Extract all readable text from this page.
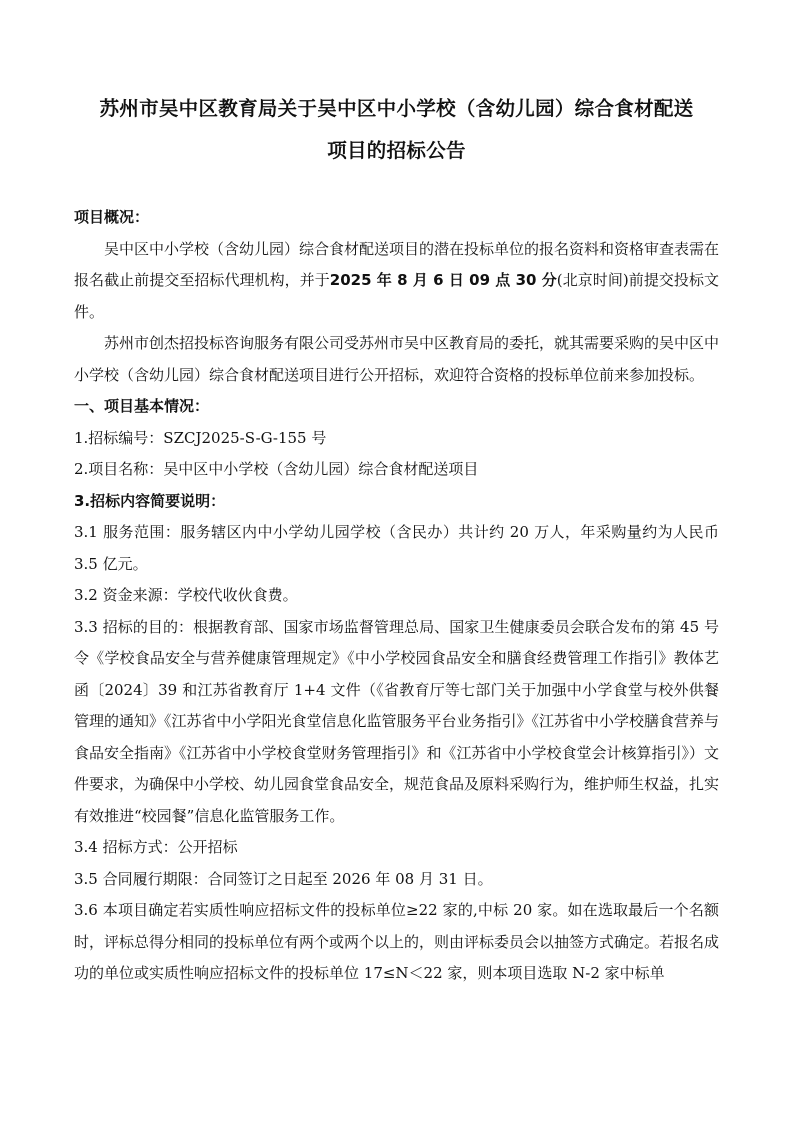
苏州市吴中区教育局关于吴中区中小学校（含幼儿园）综合食材配送
项目的招标公告

项目概况：

吴中区中小学校（含幼儿园）综合食材配送项目的潜在投标单位的报名资料和资格审查表需在报名截止前提交至招标代理机构，并于2025 年 8 月 6 日 09 点 30 分(北京时间)前提交投标文件。

苏州市创杰招投标咨询服务有限公司受苏州市吴中区教育局的委托，就其需要采购的吴中区中小学校（含幼儿园）综合食材配送项目进行公开招标，欢迎符合资格的投标单位前来参加投标。

一、项目基本情况：

1.招标编号：SZCJ2025-S-G-155 号

2.项目名称：吴中区中小学校（含幼儿园）综合食材配送项目

3.招标内容简要说明：

3.1 服务范围：服务辖区内中小学幼儿园学校（含民办）共计约 20 万人，年采购量约为人民币 3.5 亿元。

3.2 资金来源：学校代收伙食费。

3.3 招标的目的：根据教育部、国家市场监督管理总局、国家卫生健康委员会联合发布的第 45 号令《学校食品安全与营养健康管理规定》《中小学校园食品安全和膳食经费管理工作指引》教体艺函〔2024〕39 和江苏省教育厅 1+4 文件（《省教育厅等七部门关于加强中小学食堂与校外供餐管理的通知》《江苏省中小学阳光食堂信息化监管服务平台业务指引》《江苏省中小学校膳食营养与食品安全指南》《江苏省中小学校食堂财务管理指引》和《江苏省中小学校食堂会计核算指引》）文件要求，为确保中小学校、幼儿园食堂食品安全，规范食品及原料采购行为，维护师生权益，扎实有效推进“校园餐”信息化监管服务工作。

3.4 招标方式：公开招标

3.5 合同履行期限：合同签订之日起至 2026 年 08 月 31 日。

3.6 本项目确定若实质性响应招标文件的投标单位≥22 家的,中标 20 家。如在选取最后一个名额时，评标总得分相同的投标单位有两个或两个以上的，则由评标委员会以抽签方式确定。若报名成功的单位或实质性响应招标文件的投标单位 17≤N＜22 家，则本项目选取 N-2 家中标单
